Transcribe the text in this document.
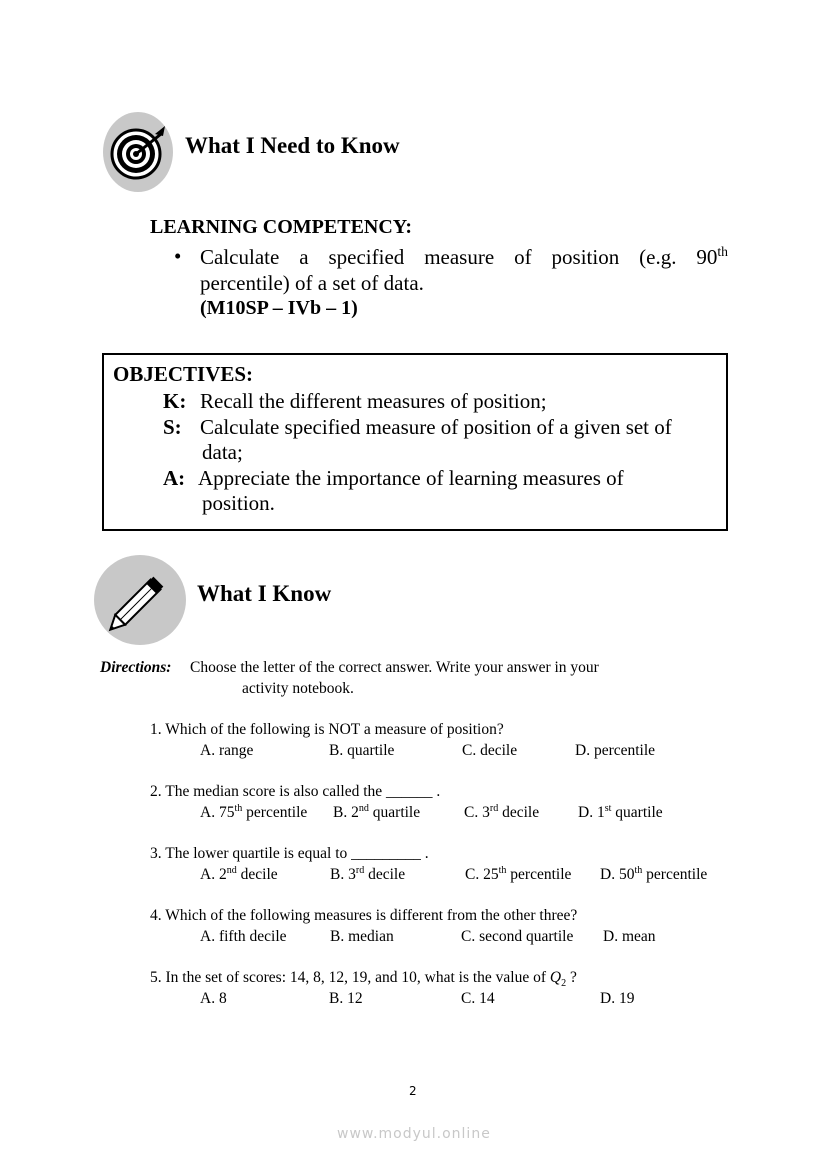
What I Need to Know
LEARNING COMPETENCY:
• Calculate a specified measure of position (e.g. 90th
percentile) of a set of data.
(M10SP – IVb – 1)
OBJECTIVES:
K: Recall the different measures of position;
S: Calculate specified measure of position of a given set of
data;
A: Appreciate the importance of learning measures of
position.
What I Know
Directions: Choose the letter of the correct answer. Write your answer in your
activity notebook.
1. Which of the following is NOT a measure of position?
A. range	B. quartile	C. decile	D. percentile
2. The median score is also called the ______ .
A. 75th percentile B. 2nd quartile	C. 3rd decile	D. 1st quartile
3. The lower quartile is equal to _________ .
A. 2nd decile	B. 3rd decile	C. 25th percentile D. 50th percentile
4. Which of the following measures is different from the other three?
A. fifth decile	B. median	C. second quartile D. mean
5. In the set of scores: 14, 8, 12, 19, and 10, what is the value of $Q_2$ ?
A. 8	B. 12	C. 14	D. 19
2
www.modyul.online
